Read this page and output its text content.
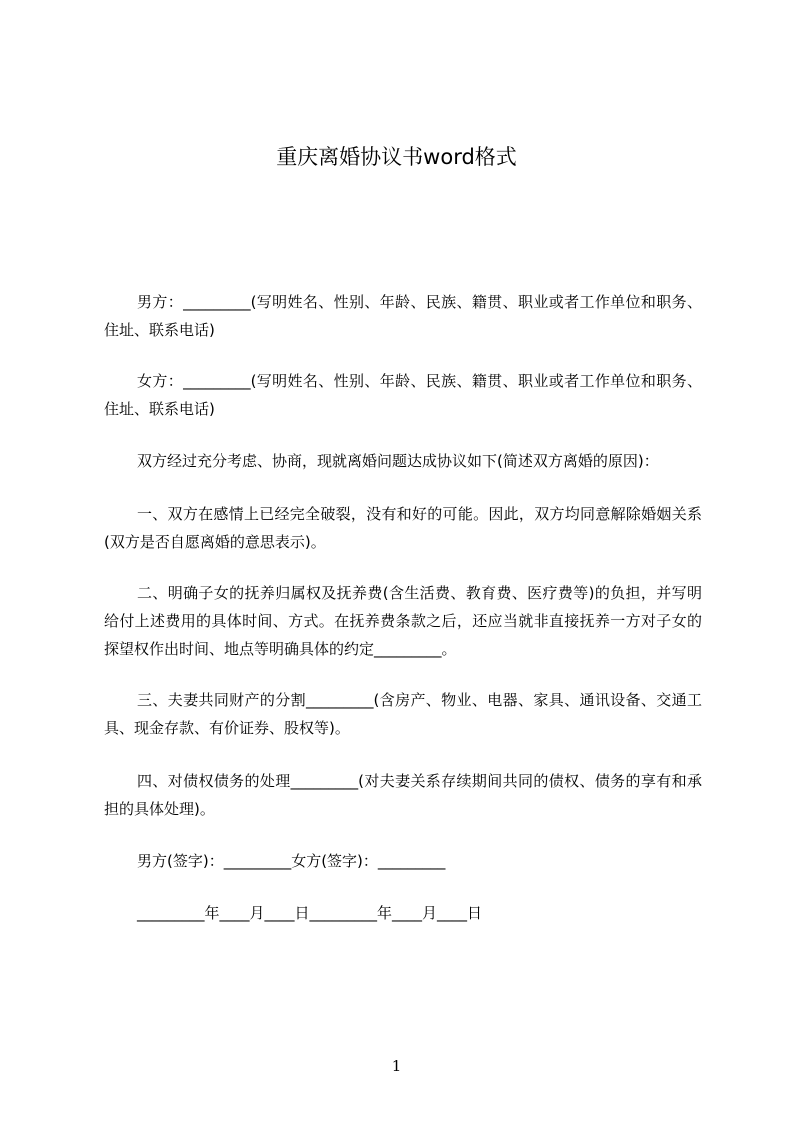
重庆离婚协议书word格式
男方：_________(写明姓名、性别、年龄、民族、籍贯、职业或者工作单位和职务、住址、联系电话)
女方：_________(写明姓名、性别、年龄、民族、籍贯、职业或者工作单位和职务、住址、联系电话)
双方经过充分考虑、协商，现就离婚问题达成协议如下(简述双方离婚的原因)：
一、双方在感情上已经完全破裂，没有和好的可能。因此，双方均同意解除婚姻关系(双方是否自愿离婚的意思表示)。
二、明确子女的抚养归属权及抚养费(含生活费、教育费、医疗费等)的负担，并写明给付上述费用的具体时间、方式。在抚养费条款之后，还应当就非直接抚养一方对子女的探望权作出时间、地点等明确具体的约定_________。
三、夫妻共同财产的分割_________(含房产、物业、电器、家具、通讯设备、交通工具、现金存款、有价证券、股权等)。
四、对债权债务的处理_________(对夫妻关系存续期间共同的债权、债务的享有和承担的具体处理)。
男方(签字)：_________女方(签字)：_________
_________年____月____日_________年____月____日
1
